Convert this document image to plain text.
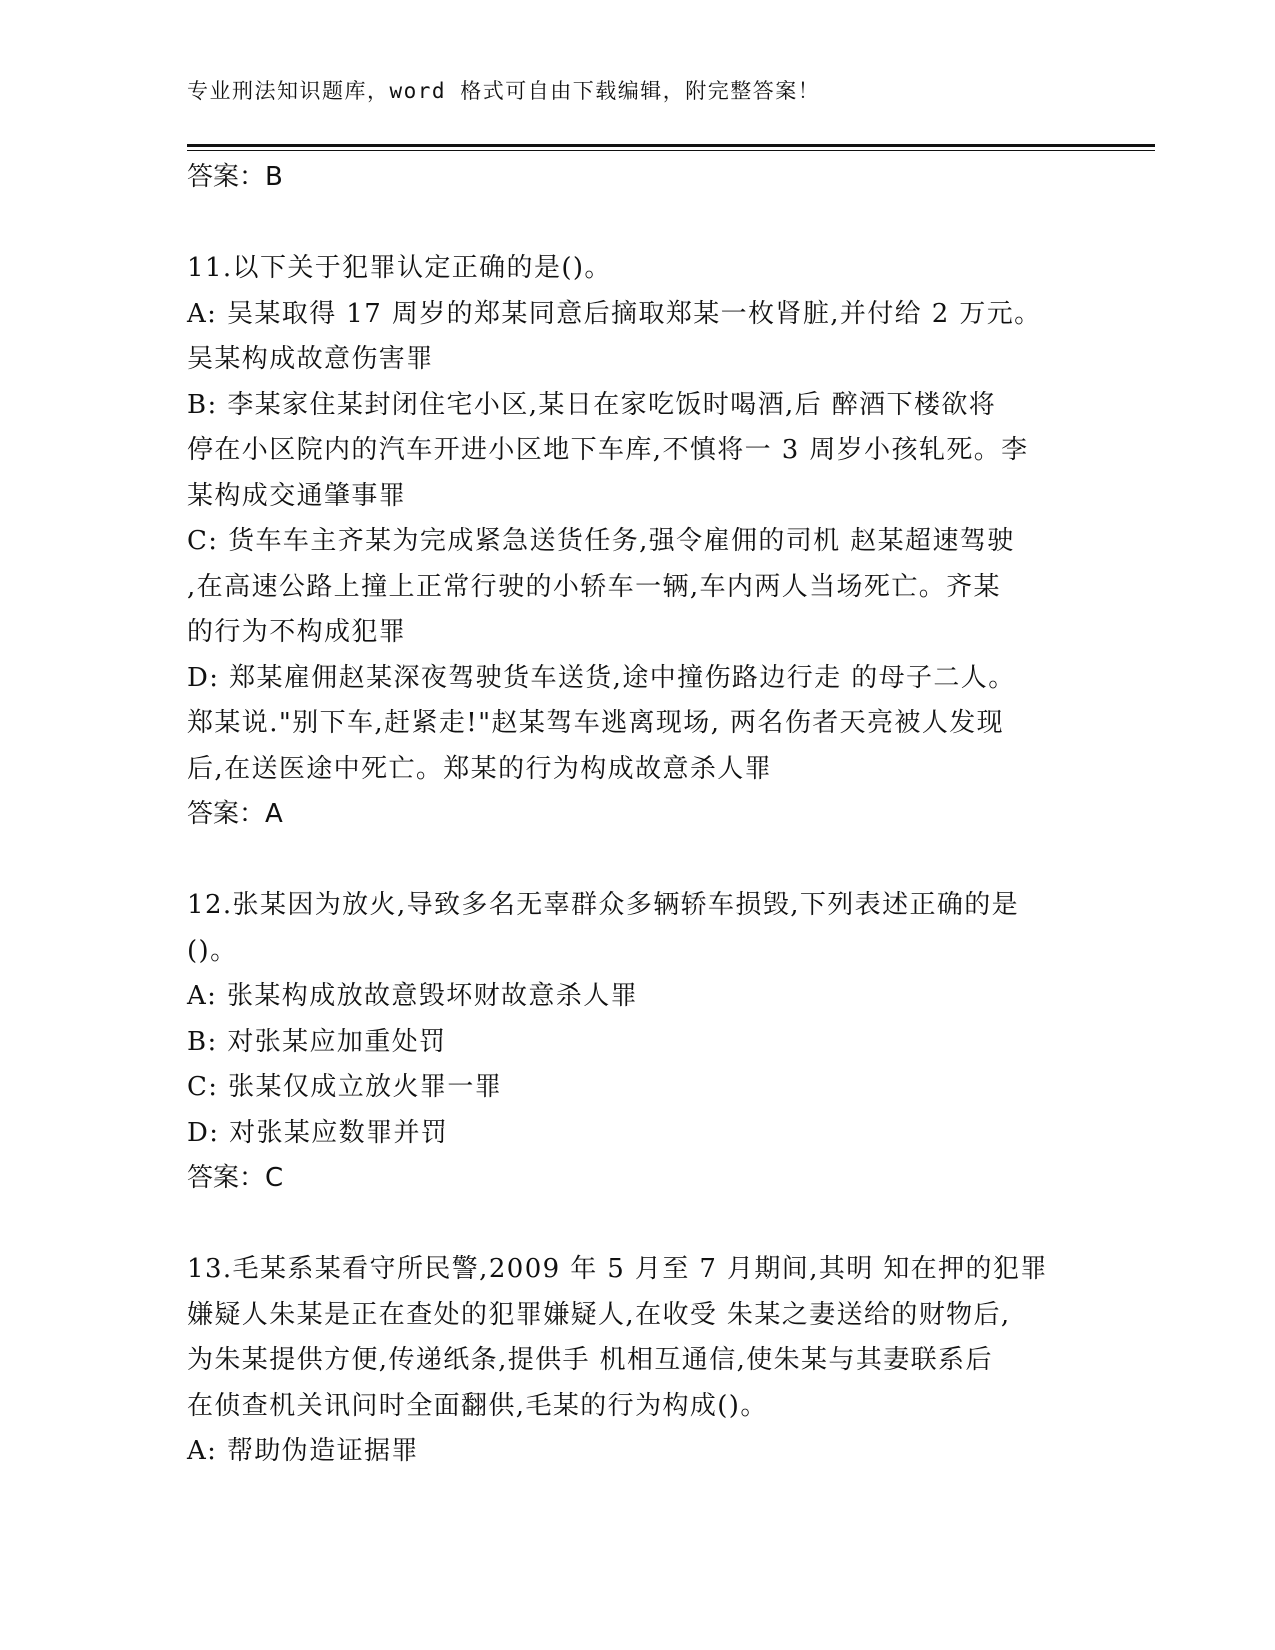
专业刑法知识题库，word 格式可自由下载编辑，附完整答案！
答案：B
11.以下关于犯罪认定正确的是()。
A: 吴某取得 17 周岁的郑某同意后摘取郑某一枚肾脏,并付给 2 万元。
吴某构成故意伤害罪
B: 李某家住某封闭住宅小区,某日在家吃饭时喝酒,后 醉酒下楼欲将
停在小区院内的汽车开进小区地下车库,不慎将一 3 周岁小孩轧死。李
某构成交通肇事罪
C: 货车车主齐某为完成紧急送货任务,强令雇佣的司机 赵某超速驾驶
,在高速公路上撞上正常行驶的小轿车一辆,车内两人当场死亡。齐某
的行为不构成犯罪
D: 郑某雇佣赵某深夜驾驶货车送货,途中撞伤路边行走 的母子二人。
郑某说."别下车,赶紧走!"赵某驾车逃离现场, 两名伤者天亮被人发现
后,在送医途中死亡。郑某的行为构成故意杀人罪
答案：A
12.张某因为放火,导致多名无辜群众多辆轿车损毁,下列表述正确的是
()。
A: 张某构成放故意毁坏财故意杀人罪
B: 对张某应加重处罚
C: 张某仅成立放火罪一罪
D: 对张某应数罪并罚
答案：C
13.毛某系某看守所民警,2009 年 5 月至 7 月期间,其明 知在押的犯罪
嫌疑人朱某是正在查处的犯罪嫌疑人,在收受 朱某之妻送给的财物后,
为朱某提供方便,传递纸条,提供手 机相互通信,使朱某与其妻联系后
在侦查机关讯问时全面翻供,毛某的行为构成()。
A: 帮助伪造证据罪
